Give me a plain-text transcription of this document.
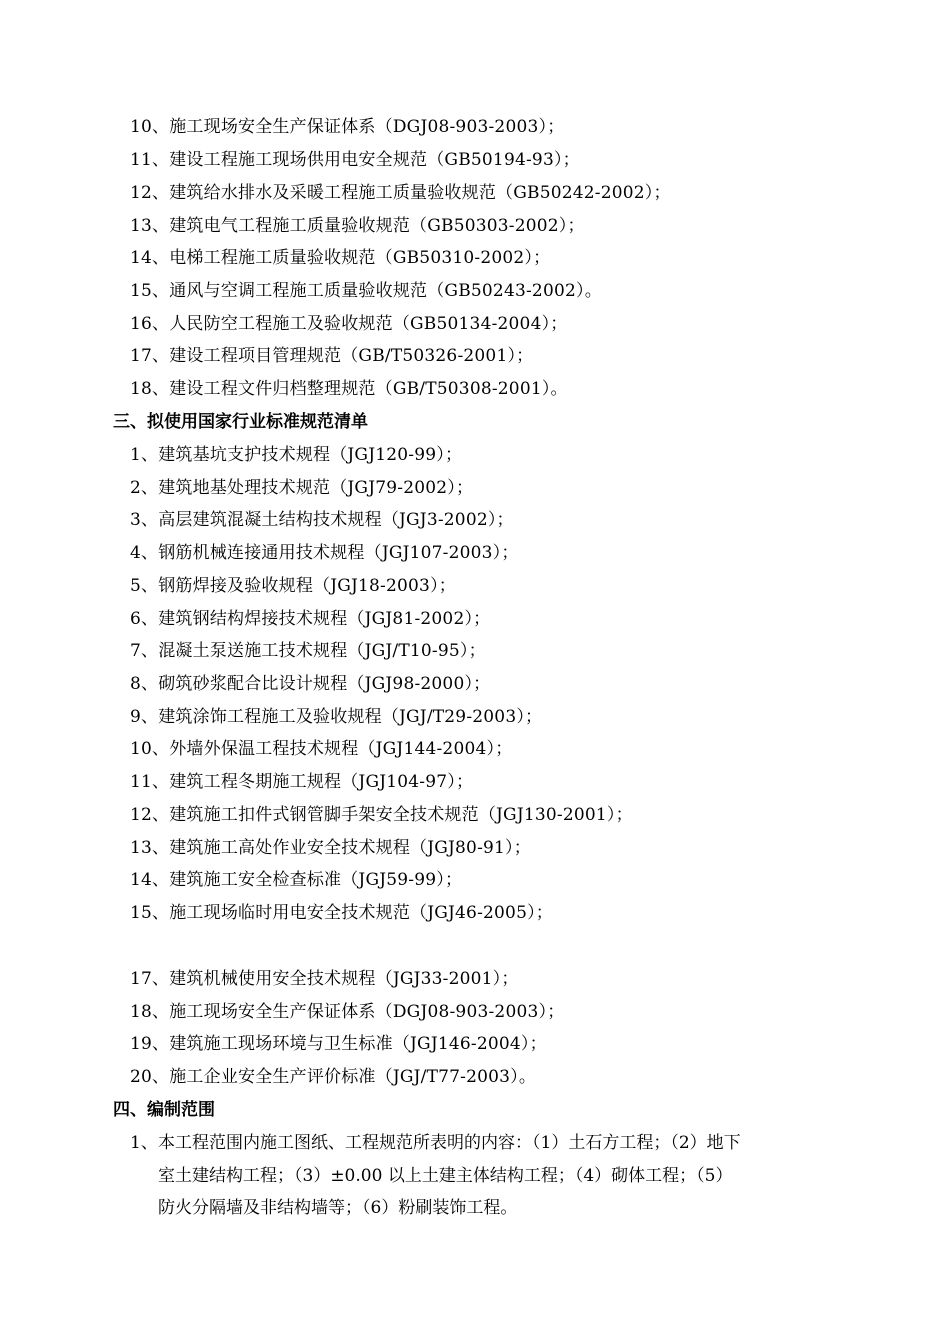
10、施工现场安全生产保证体系（DGJ08-903-2003）；
11、建设工程施工现场供用电安全规范（GB50194-93）；
12、建筑给水排水及采暖工程施工质量验收规范（GB50242-2002）；
13、建筑电气工程施工质量验收规范（GB50303-2002）；
14、电梯工程施工质量验收规范（GB50310-2002）；
15、通风与空调工程施工质量验收规范（GB50243-2002）。
16、人民防空工程施工及验收规范（GB50134-2004）；
17、建设工程项目管理规范（GB/T50326-2001）；
18、建设工程文件归档整理规范（GB/T50308-2001）。
三、拟使用国家行业标准规范清单
1、建筑基坑支护技术规程（JGJ120-99）；
2、建筑地基处理技术规范（JGJ79-2002）；
3、高层建筑混凝土结构技术规程（JGJ3-2002）；
4、钢筋机械连接通用技术规程（JGJ107-2003）；
5、钢筋焊接及验收规程（JGJ18-2003）；
6、建筑钢结构焊接技术规程（JGJ81-2002）；
7、混凝土泵送施工技术规程（JGJ/T10-95）；
8、砌筑砂浆配合比设计规程（JGJ98-2000）；
9、建筑涂饰工程施工及验收规程（JGJ/T29-2003）；
10、外墙外保温工程技术规程（JGJ144-2004）；
11、建筑工程冬期施工规程（JGJ104-97）；
12、建筑施工扣件式钢管脚手架安全技术规范（JGJ130-2001）；
13、建筑施工高处作业安全技术规程（JGJ80-91）；
14、建筑施工安全检查标准（JGJ59-99）；
15、施工现场临时用电安全技术规范（JGJ46-2005）；
17、建筑机械使用安全技术规程（JGJ33-2001）；
18、施工现场安全生产保证体系（DGJ08-903-2003）；
19、建筑施工现场环境与卫生标准（JGJ146-2004）；
20、施工企业安全生产评价标准（JGJ/T77-2003）。
四、编制范围
1、 本工程范围内施工图纸、工程规范所表明的内容：（1）土石方工程；（2）地下
室土建结构工程；（3）±0.00 以上土建主体结构工程；（4）砌体工程；（5）
防火分隔墙及非结构墙等；（6）粉刷装饰工程。
